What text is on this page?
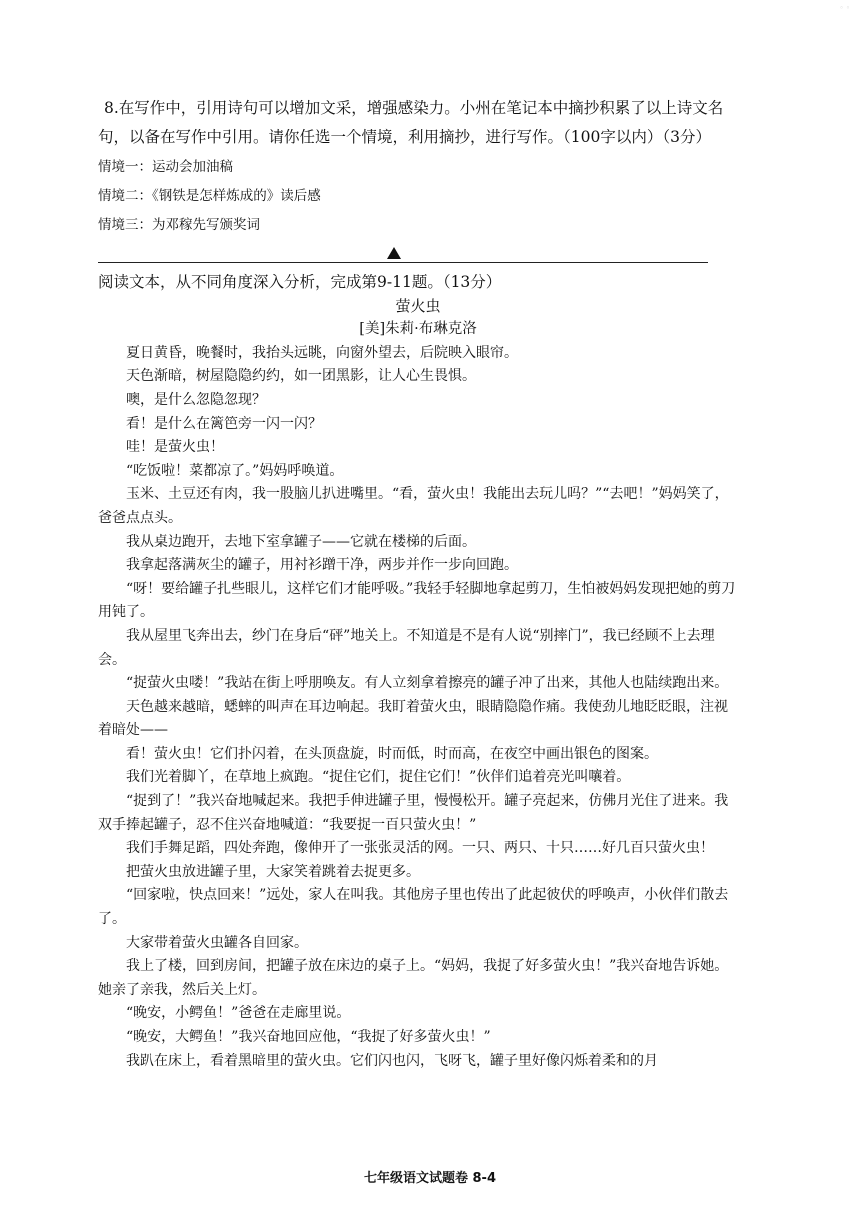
◦ ◦

8.在写作中，引用诗句可以增加文采，增强感染力。小州在笔记本中摘抄积累了以上诗文名

句，以备在写作中引用。请你任选一个情境，利用摘抄，进行写作。（100字以内）（3分）

情境一：运动会加油稿

情境二：《钢铁是怎样炼成的》读后感

情境三：为邓稼先写颁奖词

阅读文本，从不同角度深入分析，完成第9-11题。（13分）

萤火虫

[美]朱莉·布琳克洛

夏日黄昏，晚餐时，我抬头远眺，向窗外望去，后院映入眼帘。

天色渐暗，树屋隐隐约约，如一团黑影，让人心生畏惧。

噢，是什么忽隐忽现？

看！是什么在篱笆旁一闪一闪？

哇！是萤火虫！

“吃饭啦！菜都凉了。”妈妈呼唤道。

玉米、土豆还有肉，我一股脑儿扒进嘴里。“看，萤火虫！我能出去玩儿吗？”“去吧！”妈妈笑了，爸爸点点头。

我从桌边跑开，去地下室拿罐子——它就在楼梯的后面。

我拿起落满灰尘的罐子，用衬衫蹭干净，两步并作一步向回跑。

“呀！要给罐子扎些眼儿，这样它们才能呼吸。”我轻手轻脚地拿起剪刀，生怕被妈妈发现把她的剪刀用钝了。

我从屋里飞奔出去，纱门在身后“砰”地关上。不知道是不是有人说“别摔门”，我已经顾不上去理会。

“捉萤火虫喽！”我站在街上呼朋唤友。有人立刻拿着擦亮的罐子冲了出来，其他人也陆续跑出来。

天色越来越暗，蟋蟀的叫声在耳边响起。我盯着萤火虫，眼睛隐隐作痛。我使劲儿地眨眨眼，注视着暗处——

看！萤火虫！它们扑闪着，在头顶盘旋，时而低，时而高，在夜空中画出银色的图案。

我们光着脚丫，在草地上疯跑。“捉住它们，捉住它们！”伙伴们追着亮光叫嚷着。

“捉到了！”我兴奋地喊起来。我把手伸进罐子里，慢慢松开。罐子亮起来，仿佛月光住了进来。我双手捧起罐子，忍不住兴奋地喊道：“我要捉一百只萤火虫！”

我们手舞足蹈，四处奔跑，像伸开了一张张灵活的网。一只、两只、十只……好几百只萤火虫！

把萤火虫放进罐子里，大家笑着跳着去捉更多。

“回家啦，快点回来！”远处，家人在叫我。其他房子里也传出了此起彼伏的呼唤声，小伙伴们散去了。

大家带着萤火虫罐各自回家。

我上了楼，回到房间，把罐子放在床边的桌子上。“妈妈，我捉了好多萤火虫！”我兴奋地告诉她。她亲了亲我，然后关上灯。

“晚安，小鳄鱼！”爸爸在走廊里说。

“晚安，大鳄鱼！”我兴奋地回应他，“我捉了好多萤火虫！”

我趴在床上，看着黑暗里的萤火虫。它们闪也闪，飞呀飞，罐子里好像闪烁着柔和的月

七年级语文试题卷 8-4
